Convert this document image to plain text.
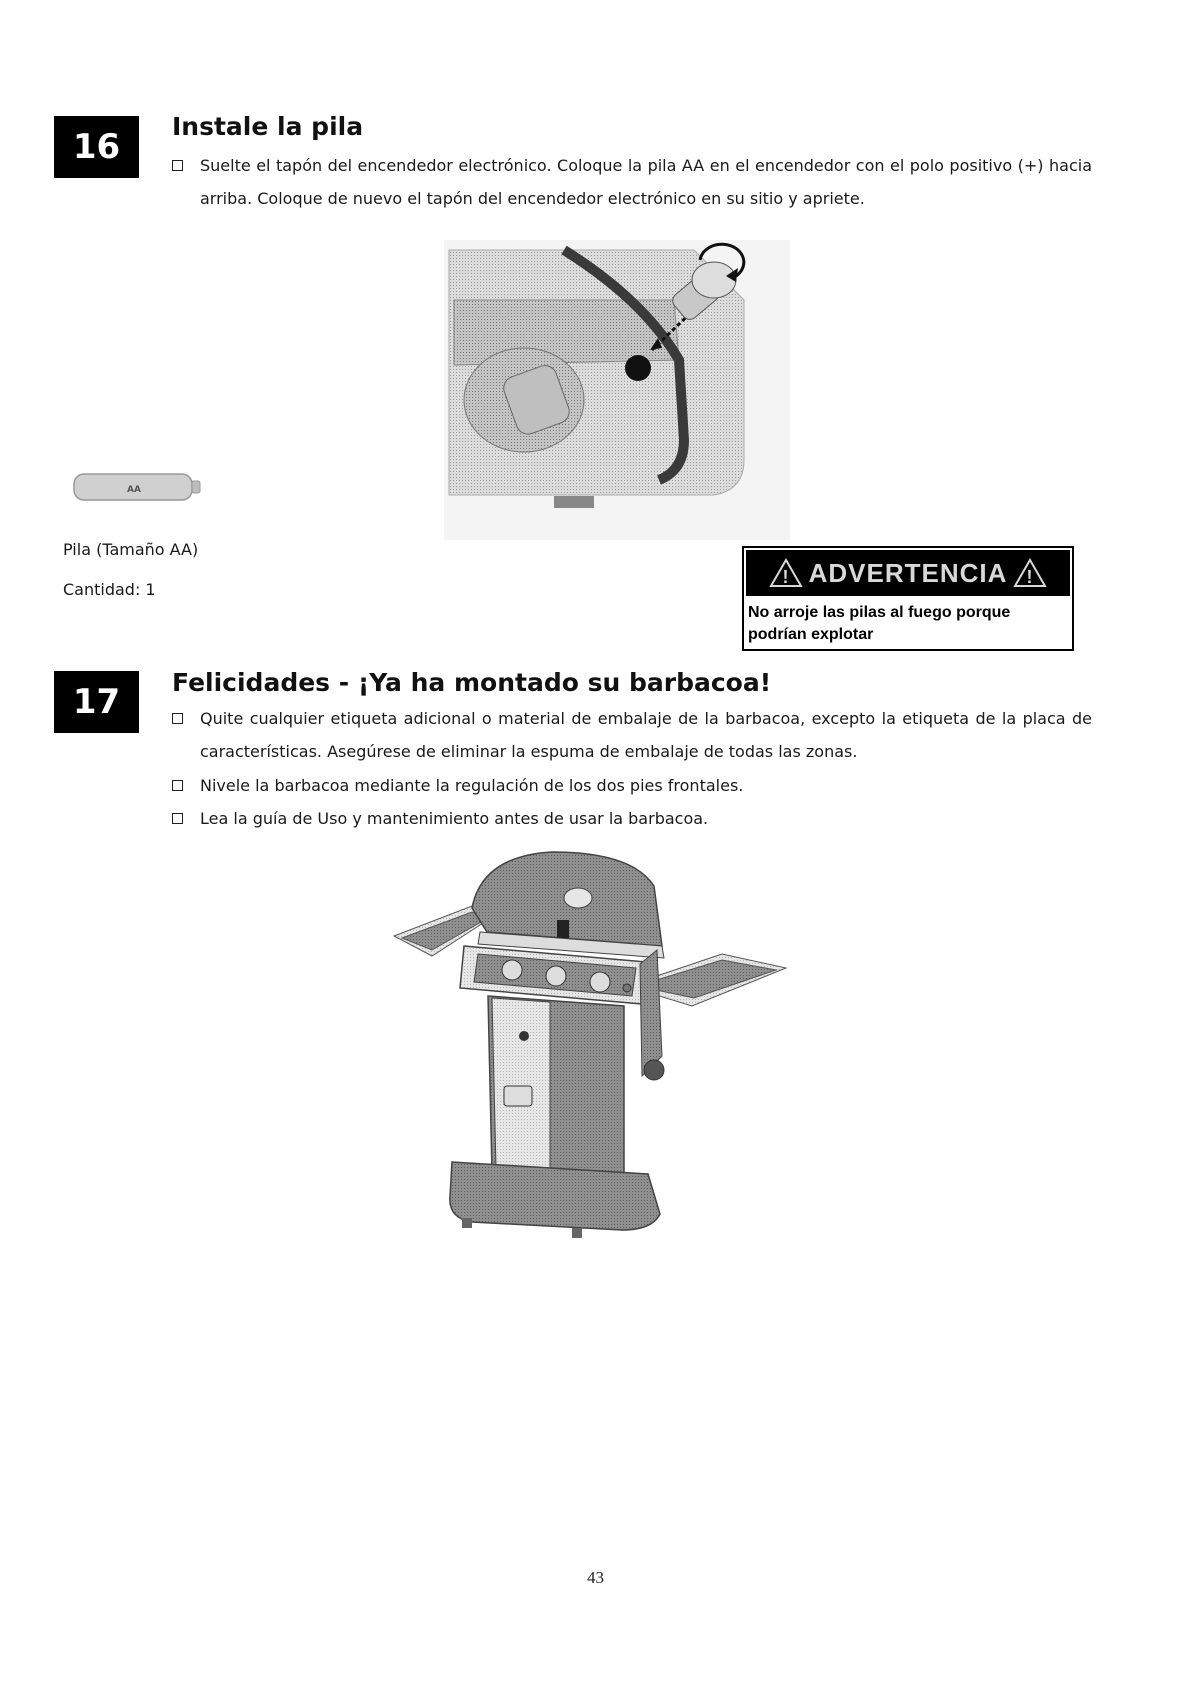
16
Instale la pila
Suelte el tapón del encendedor electrónico. Coloque la pila AA en el encendedor con el polo positivo (+) hacia arriba. Coloque de nuevo el tapón del encendedor electrónico en su sitio y apriete.
AA
Pila (Tamaño AA)
Cantidad: 1
! ADVERTENCIA !
No arroje las pilas al fuego porque podrían explotar
17	Felicidades - ¡Ya ha montado su barbacoa!
Quite cualquier etiqueta adicional o material de embalaje de la barbacoa, excepto la etiqueta de la placa de características. Asegúrese de eliminar la espuma de embalaje de todas las zonas.
Nivele la barbacoa mediante la regulación de los dos pies frontales.
Lea la guía de Uso y mantenimiento antes de usar la barbacoa.
43
